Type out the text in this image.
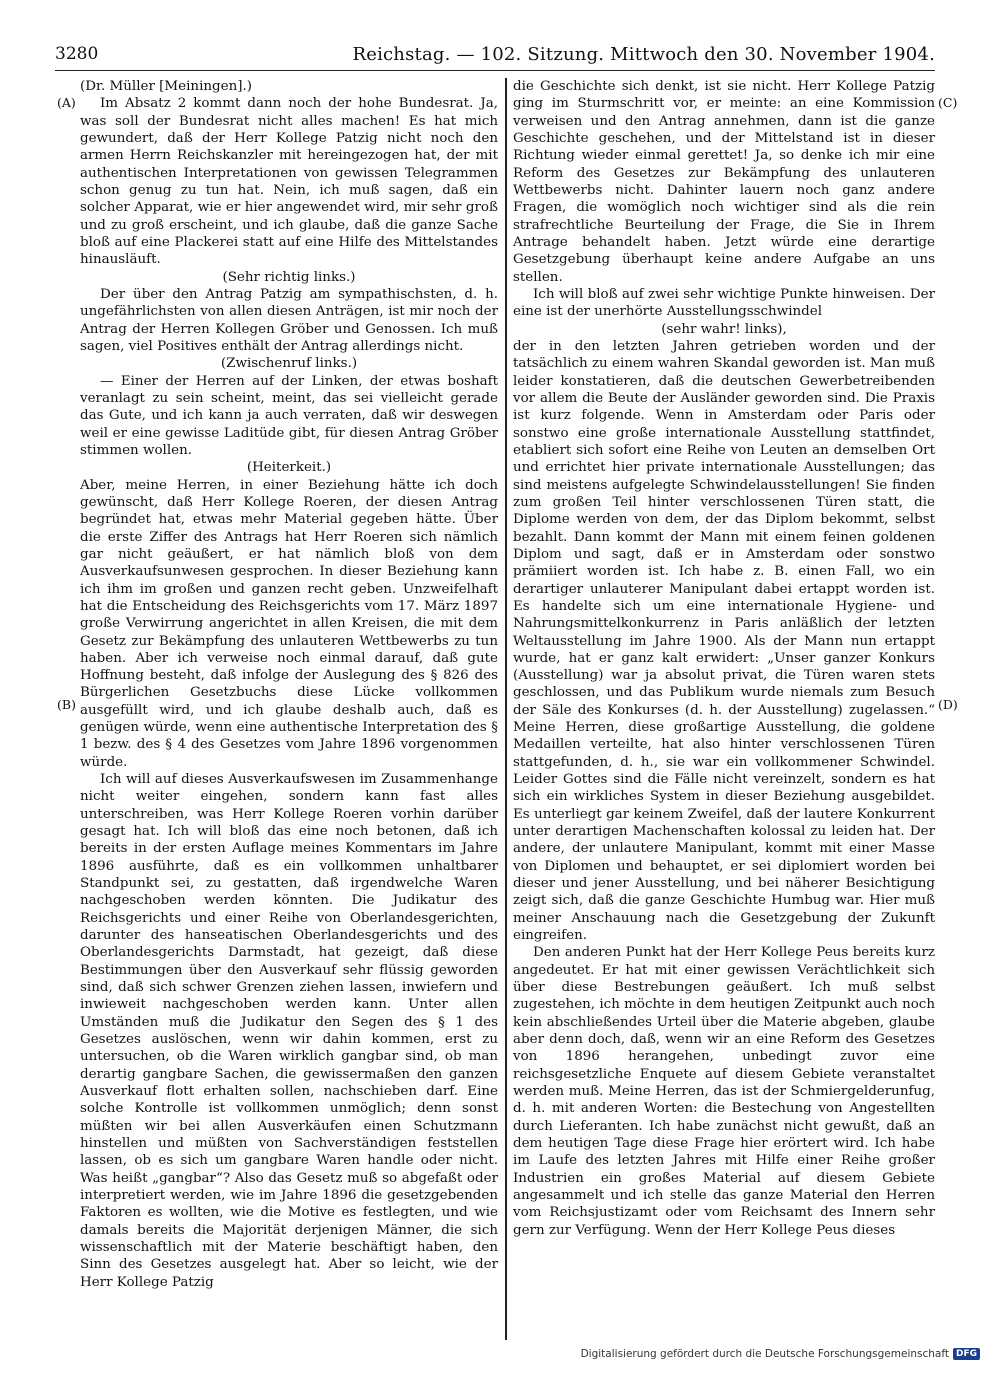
3280	Reichstag. — 102. Sitzung. Mittwoch den 30. November 1904.
(A)
(B)
(C)
(D)

(Dr. Müller [Meiningen].)

Im Absatz 2 kommt dann noch der hohe Bundesrat. Ja, was soll der Bundesrat nicht alles machen! Es hat mich gewundert, daß der Herr Kollege Patzig nicht noch den armen Herrn Reichskanzler mit hereingezogen hat, der mit authentischen Interpretationen von gewissen Telegrammen schon genug zu tun hat. Nein, ich muß sagen, daß ein solcher Apparat, wie er hier angewendet wird, mir sehr groß und zu groß erscheint, und ich glaube, daß die ganze Sache bloß auf eine Plackerei statt auf eine Hilfe des Mittelstandes hinausläuft.

(Sehr richtig links.)

Der über den Antrag Patzig am sympathischsten, d. h. ungefährlichsten von allen diesen Anträgen, ist mir noch der Antrag der Herren Kollegen Gröber und Genossen. Ich muß sagen, viel Positives enthält der Antrag allerdings nicht.

(Zwischenruf links.)

— Einer der Herren auf der Linken, der etwas boshaft veranlagt zu sein scheint, meint, das sei vielleicht gerade das Gute, und ich kann ja auch verraten, daß wir deswegen weil er eine gewisse Laditüde gibt, für diesen Antrag Gröber stimmen wollen.

(Heiterkeit.)

Aber, meine Herren, in einer Beziehung hätte ich doch gewünscht, daß Herr Kollege Roeren, der diesen Antrag begründet hat, etwas mehr Material gegeben hätte. Über die erste Ziffer des Antrags hat Herr Roeren sich nämlich gar nicht geäußert, er hat nämlich bloß von dem Ausverkaufsunwesen gesprochen. In dieser Beziehung kann ich ihm im großen und ganzen recht geben. Unzweifelhaft hat die Entscheidung des Reichsgerichts vom 17. März 1897 große Verwirrung angerichtet in allen Kreisen, die mit dem Gesetz zur Bekämpfung des unlauteren Wettbewerbs zu tun haben. Aber ich verweise noch einmal darauf, daß gute Hoffnung besteht, daß infolge der Auslegung des § 826 des Bürgerlichen Gesetzbuchs diese Lücke vollkommen ausgefüllt wird, und ich glaube deshalb auch, daß es genügen würde, wenn eine authentische Interpretation des § 1 bezw. des § 4 des Gesetzes vom Jahre 1896 vorgenommen würde.

Ich will auf dieses Ausverkaufswesen im Zusammenhange nicht weiter eingehen, sondern kann fast alles unterschreiben, was Herr Kollege Roeren vorhin darüber gesagt hat. Ich will bloß das eine noch betonen, daß ich bereits in der ersten Auflage meines Kommentars im Jahre 1896 ausführte, daß es ein vollkommen unhaltbarer Standpunkt sei, zu gestatten, daß irgendwelche Waren nachgeschoben werden könnten. Die Judikatur des Reichsgerichts und einer Reihe von Oberlandesgerichten, darunter des hanseatischen Oberlandesgerichts und des Oberlandesgerichts Darmstadt, hat gezeigt, daß diese Bestimmungen über den Ausverkauf sehr flüssig geworden sind, daß sich schwer Grenzen ziehen lassen, inwiefern und inwieweit nachgeschoben werden kann. Unter allen Umständen muß die Judikatur den Segen des § 1 des Gesetzes auslöschen, wenn wir dahin kommen, erst zu untersuchen, ob die Waren wirklich gangbar sind, ob man derartig gangbare Sachen, die gewissermaßen den ganzen Ausverkauf flott erhalten sollen, nachschieben darf. Eine solche Kontrolle ist vollkommen unmöglich; denn sonst müßten wir bei allen Ausverkäufen einen Schutzmann hinstellen und müßten von Sachverständigen feststellen lassen, ob es sich um gangbare Waren handle oder nicht. Was heißt „gangbar“? Also das Gesetz muß so abgefaßt oder interpretiert werden, wie im Jahre 1896 die gesetzgebenden Faktoren es wollten, wie die Motive es festlegten, und wie damals bereits die Majorität derjenigen Männer, die sich wissenschaftlich mit der Materie beschäftigt haben, den Sinn des Gesetzes ausgelegt hat. Aber so leicht, wie der Herr Kollege Patzig

die Geschichte sich denkt, ist sie nicht. Herr Kollege Patzig ging im Sturmschritt vor, er meinte: an eine Kommission verweisen und den Antrag annehmen, dann ist die ganze Geschichte geschehen, und der Mittelstand ist in dieser Richtung wieder einmal gerettet! Ja, so denke ich mir eine Reform des Gesetzes zur Bekämpfung des unlauteren Wettbewerbs nicht. Dahinter lauern noch ganz andere Fragen, die womöglich noch wichtiger sind als die rein strafrechtliche Beurteilung der Frage, die Sie in Ihrem Antrage behandelt haben. Jetzt würde eine derartige Gesetzgebung überhaupt keine andere Aufgabe an uns stellen.

Ich will bloß auf zwei sehr wichtige Punkte hinweisen. Der eine ist der unerhörte Ausstellungsschwindel

(sehr wahr! links),

der in den letzten Jahren getrieben worden und der tatsächlich zu einem wahren Skandal geworden ist. Man muß leider konstatieren, daß die deutschen Gewerbetreibenden vor allem die Beute der Ausländer geworden sind. Die Praxis ist kurz folgende. Wenn in Amsterdam oder Paris oder sonstwo eine große internationale Ausstellung stattfindet, etabliert sich sofort eine Reihe von Leuten an demselben Ort und errichtet hier private internationale Ausstellungen; das sind meistens aufgelegte Schwindelausstellungen! Sie finden zum großen Teil hinter verschlossenen Türen statt, die Diplome werden von dem, der das Diplom bekommt, selbst bezahlt. Dann kommt der Mann mit einem feinen goldenen Diplom und sagt, daß er in Amsterdam oder sonstwo prämiiert worden ist. Ich habe z. B. einen Fall, wo ein derartiger unlauterer Manipulant dabei ertappt worden ist. Es handelte sich um eine internationale Hygiene- und Nahrungsmittelkonkurrenz in Paris anläßlich der letzten Weltausstellung im Jahre 1900. Als der Mann nun ertappt wurde, hat er ganz kalt erwidert: „Unser ganzer Konkurs (Ausstellung) war ja absolut privat, die Türen waren stets geschlossen, und das Publikum wurde niemals zum Besuch der Säle des Konkurses (d. h. der Ausstellung) zugelassen.“ Meine Herren, diese großartige Ausstellung, die goldene Medaillen verteilte, hat also hinter verschlossenen Türen stattgefunden, d. h., sie war ein vollkommener Schwindel. Leider Gottes sind die Fälle nicht vereinzelt, sondern es hat sich ein wirkliches System in dieser Beziehung ausgebildet. Es unterliegt gar keinem Zweifel, daß der lautere Konkurrent unter derartigen Machenschaften kolossal zu leiden hat. Der andere, der unlautere Manipulant, kommt mit einer Masse von Diplomen und behauptet, er sei diplomiert worden bei dieser und jener Ausstellung, und bei näherer Besichtigung zeigt sich, daß die ganze Geschichte Humbug war. Hier muß meiner Anschauung nach die Gesetzgebung der Zukunft eingreifen.

Den anderen Punkt hat der Herr Kollege Peus bereits kurz angedeutet. Er hat mit einer gewissen Verächtlichkeit sich über diese Bestrebungen geäußert. Ich muß selbst zugestehen, ich möchte in dem heutigen Zeitpunkt auch noch kein abschließendes Urteil über die Materie abgeben, glaube aber denn doch, daß, wenn wir an eine Reform des Gesetzes von 1896 herangehen, unbedingt zuvor eine reichsgesetzliche Enquete auf diesem Gebiete veranstaltet werden muß. Meine Herren, das ist der Schmiergelderunfug, d. h. mit anderen Worten: die Bestechung von Angestellten durch Lieferanten. Ich habe zunächst nicht gewußt, daß an dem heutigen Tage diese Frage hier erörtert wird. Ich habe im Laufe des letzten Jahres mit Hilfe einer Reihe großer Industrien ein großes Material auf diesem Gebiete angesammelt und ich stelle das ganze Material den Herren vom Reichsjustizamt oder vom Reichsamt des Innern sehr gern zur Verfügung. Wenn der Herr Kollege Peus dieses

Digitalisierung gefördert durch die Deutsche Forschungsgemeinschaft DFG
